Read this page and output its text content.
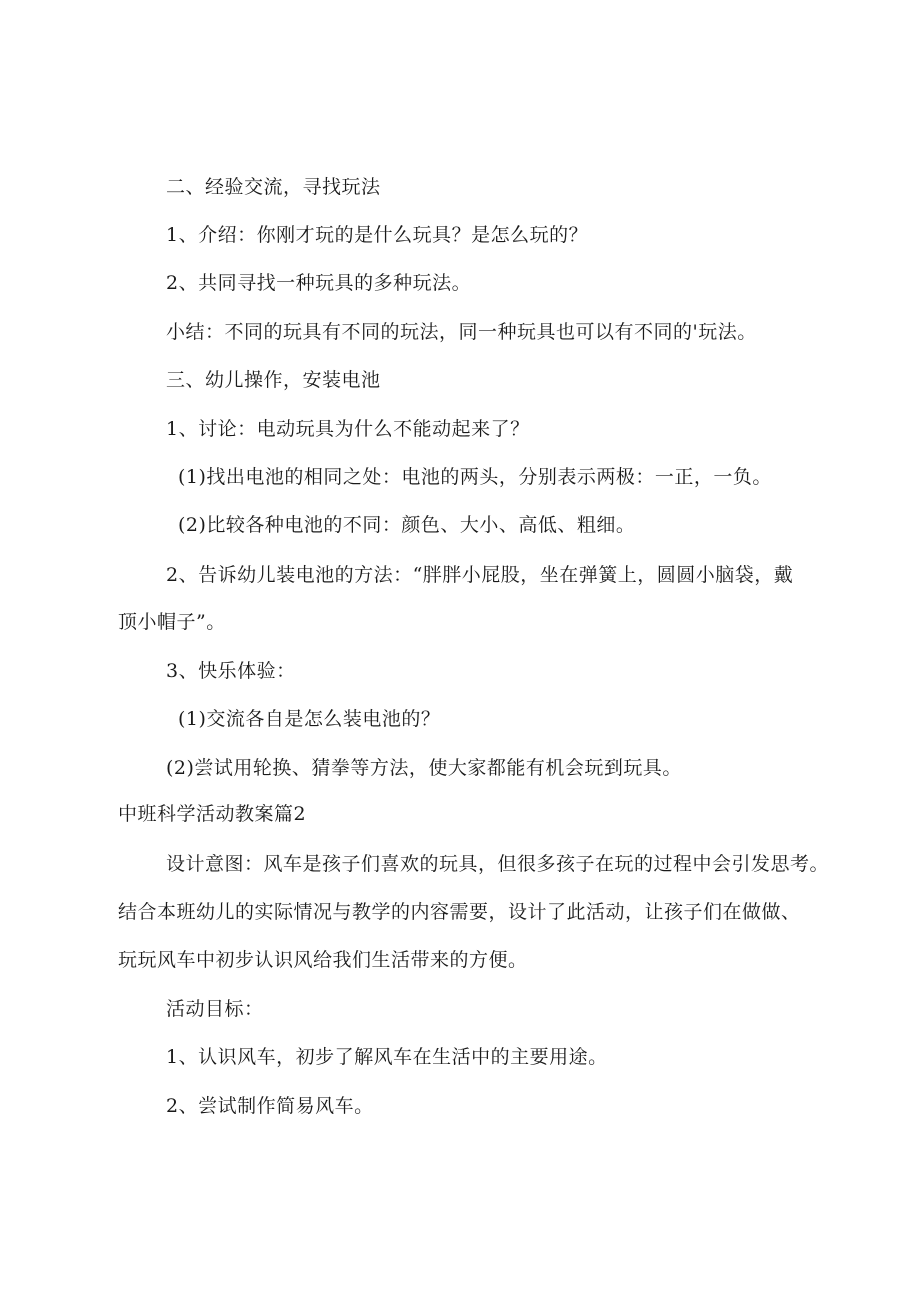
二、经验交流，寻找玩法
1、介绍：你刚才玩的是什么玩具？是怎么玩的？
2、共同寻找一种玩具的多种玩法。
小结：不同的玩具有不同的玩法，同一种玩具也可以有不同的'玩法。
三、幼儿操作，安装电池
1、讨论：电动玩具为什么不能动起来了？
(1)找出电池的相同之处：电池的两头，分别表示两极：一正，一负。
(2)比较各种电池的不同：颜色、大小、高低、粗细。
2、告诉幼儿装电池的方法：“胖胖小屁股，坐在弹簧上，圆圆小脑袋，戴
顶小帽子”。
3、快乐体验：
(1)交流各自是怎么装电池的？
(2)尝试用轮换、猜拳等方法，使大家都能有机会玩到玩具。
中班科学活动教案篇2
设计意图：风车是孩子们喜欢的玩具，但很多孩子在玩的过程中会引发思考。
结合本班幼儿的实际情况与教学的内容需要，设计了此活动，让孩子们在做做、
玩玩风车中初步认识风给我们生活带来的方便。
活动目标：
1、认识风车，初步了解风车在生活中的主要用途。
2、尝试制作简易风车。
